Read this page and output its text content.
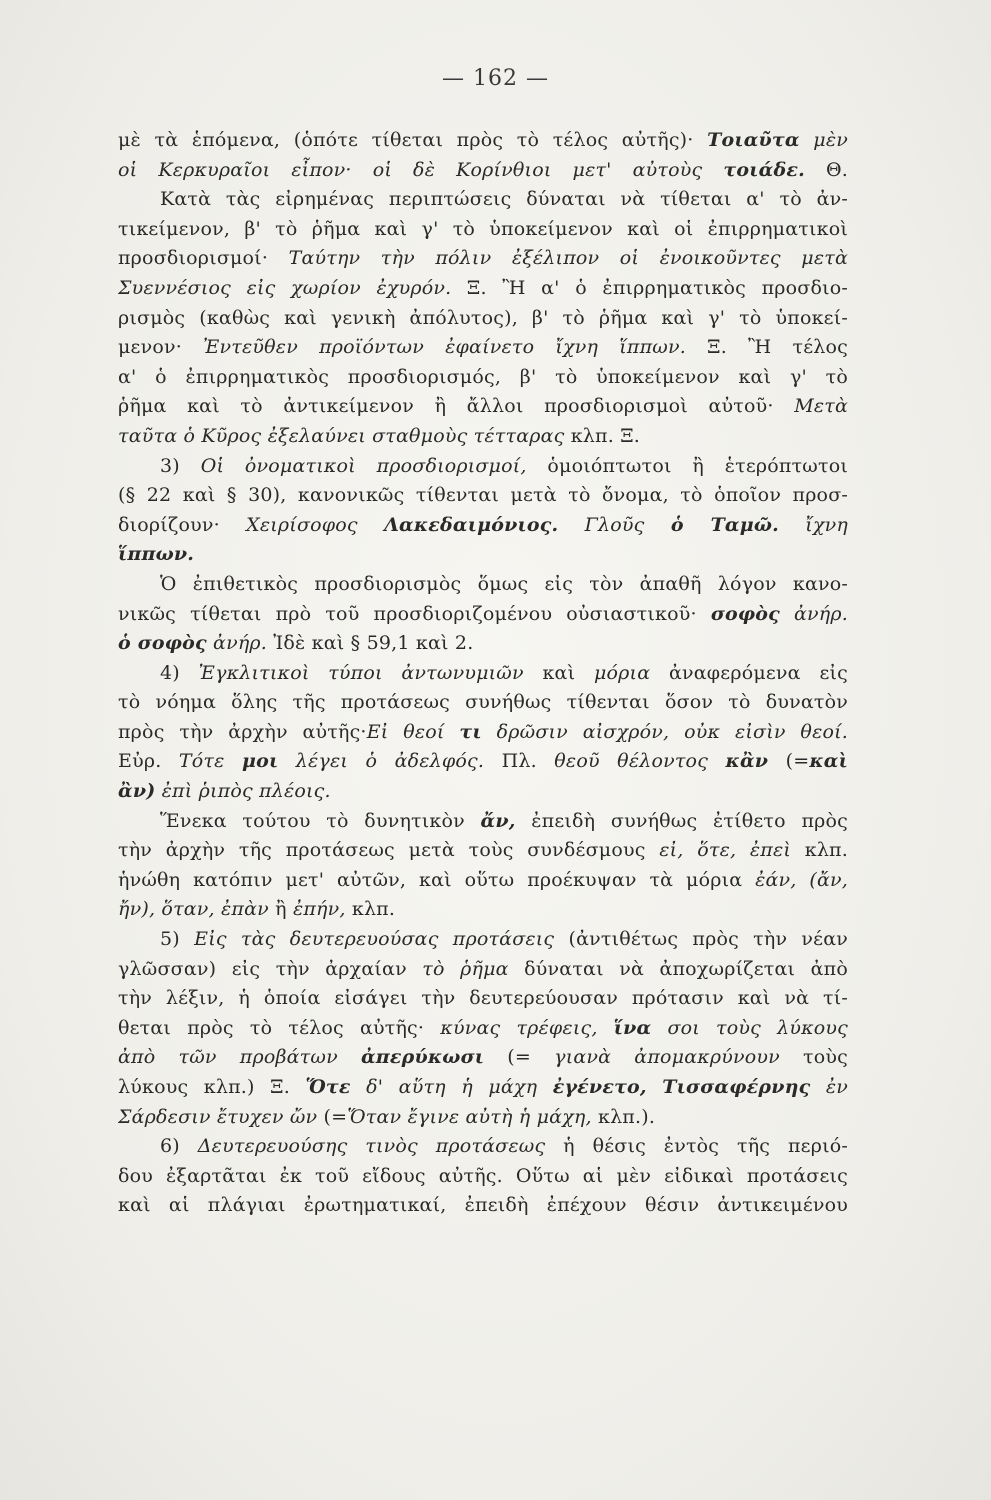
— 162 —
μὲ τὰ ἑπόμενα, (ὁπότε τίθεται πρὸς τὸ τέλος αὐτῆς)· Τοιαῦτα μὲν
οἱ Κερκυραῖοι εἶπον· οἱ δὲ Κορίνθιοι μετ' αὐτοὺς τοιάδε. Θ.
Κατὰ τὰς εἰρημένας περιπτώσεις δύναται νὰ τίθεται α' τὸ ἀν-
τικείμενον, β' τὸ ῥῆμα καὶ γ' τὸ ὑποκείμενον καὶ οἱ ἐπιρρηματικοὶ
προσδιορισμοί· Ταύτην τὴν πόλιν ἐξέλιπον οἱ ἐνοικοῦντες μετὰ
Συεννέσιος εἰς χωρίον ἐχυρόν. Ξ. Ἢ α' ὁ ἐπιρρηματικὸς προσδιο-
ρισμὸς (καθὼς καὶ γενικὴ ἀπόλυτος), β' τὸ ῥῆμα καὶ γ' τὸ ὑποκεί-
μενον· Ἐντεῦθεν προϊόντων ἐφαίνετο ἴχνη ἵππων. Ξ. Ἢ τέλος
α' ὁ ἐπιρρηματικὸς προσδιορισμός, β' τὸ ὑποκείμενον καὶ γ' τὸ
ῥῆμα καὶ τὸ ἀντικείμενον ἢ ἄλλοι προσδιορισμοὶ αὐτοῦ· Μετὰ
ταῦτα ὁ Κῦρος ἐξελαύνει σταθμοὺς τέτταρας κλπ. Ξ.
3) Οἱ ὀνοματικοὶ προσδιορισμοί, ὁμοιόπτωτοι ἢ ἑτερόπτωτοι
(§ 22 καὶ § 30), κανονικῶς τίθενται μετὰ τὸ ὄνομα, τὸ ὁποῖον προσ-
διορίζουν· Χειρίσοφος Λακεδαιμόνιος. Γλοῦς ὁ Ταμῶ. ἴχνη
ἵππων.
Ὁ ἐπιθετικὸς προσδιορισμὸς ὅμως εἰς τὸν ἀπαθῆ λόγον κανο-
νικῶς τίθεται πρὸ τοῦ προσδιοριζομένου οὐσιαστικοῦ· σοφὸς ἀνήρ.
ὁ σοφὸς ἀνήρ. Ἰδὲ καὶ § 59,1 καὶ 2.
4) Ἐγκλιτικοὶ τύποι ἀντωνυμιῶν καὶ μόρια ἀναφερόμενα εἰς
τὸ νόημα ὅλης τῆς προτάσεως συνήθως τίθενται ὅσον τὸ δυνατὸν
πρὸς τὴν ἀρχὴν αὐτῆς·Εἰ θεοί τι δρῶσιν αἰσχρόν, οὐκ εἰσὶν θεοί.
Εὐρ. Τότε μοι λέγει ὁ ἀδελφός. Πλ. θεοῦ θέλοντος κἂν (=καὶ
ἂν) ἐπὶ ῥιπὸς πλέοις.
Ἕνεκα τούτου τὸ δυνητικὸν ἄν, ἐπειδὴ συνήθως ἐτίθετο πρὸς
τὴν ἀρχὴν τῆς προτάσεως μετὰ τοὺς συνδέσμους εἰ, ὅτε, ἐπεὶ κλπ.
ἡνώθη κατόπιν μετ' αὐτῶν, καὶ οὕτω προέκυψαν τὰ μόρια ἐάν, (ἄν,
ἤν), ὅταν, ἐπὰν ἢ ἐπήν, κλπ.
5) Εἰς τὰς δευτερευούσας προτάσεις (ἀντιθέτως πρὸς τὴν νέαν
γλῶσσαν) εἰς τὴν ἀρχαίαν τὸ ῥῆμα δύναται νὰ ἀποχωρίζεται ἀπὸ
τὴν λέξιν, ἡ ὁποία εἰσάγει τὴν δευτερεύουσαν πρότασιν καὶ νὰ τί-
θεται πρὸς τὸ τέλος αὐτῆς· κύνας τρέφεις, ἵνα σοι τοὺς λύκους
ἀπὸ τῶν προβάτων ἀπερύκωσι (= γιανὰ ἀπομακρύνουν τοὺς
λύκους κλπ.) Ξ. Ὅτε δ' αὕτη ἡ μάχη ἐγένετο, Τισσαφέρνης ἐν
Σάρδεσιν ἔτυχεν ὤν (=Ὅταν ἔγινε αὐτὴ ἡ μάχη, κλπ.).
6) Δευτερευούσης τινὸς προτάσεως ἡ θέσις ἐντὸς τῆς περιό-
δου ἐξαρτᾶται ἐκ τοῦ εἴδους αὐτῆς. Οὕτω αἱ μὲν εἰδικαὶ προτάσεις
καὶ αἱ πλάγιαι ἐρωτηματικαί, ἐπειδὴ ἐπέχουν θέσιν ἀντικειμένου
